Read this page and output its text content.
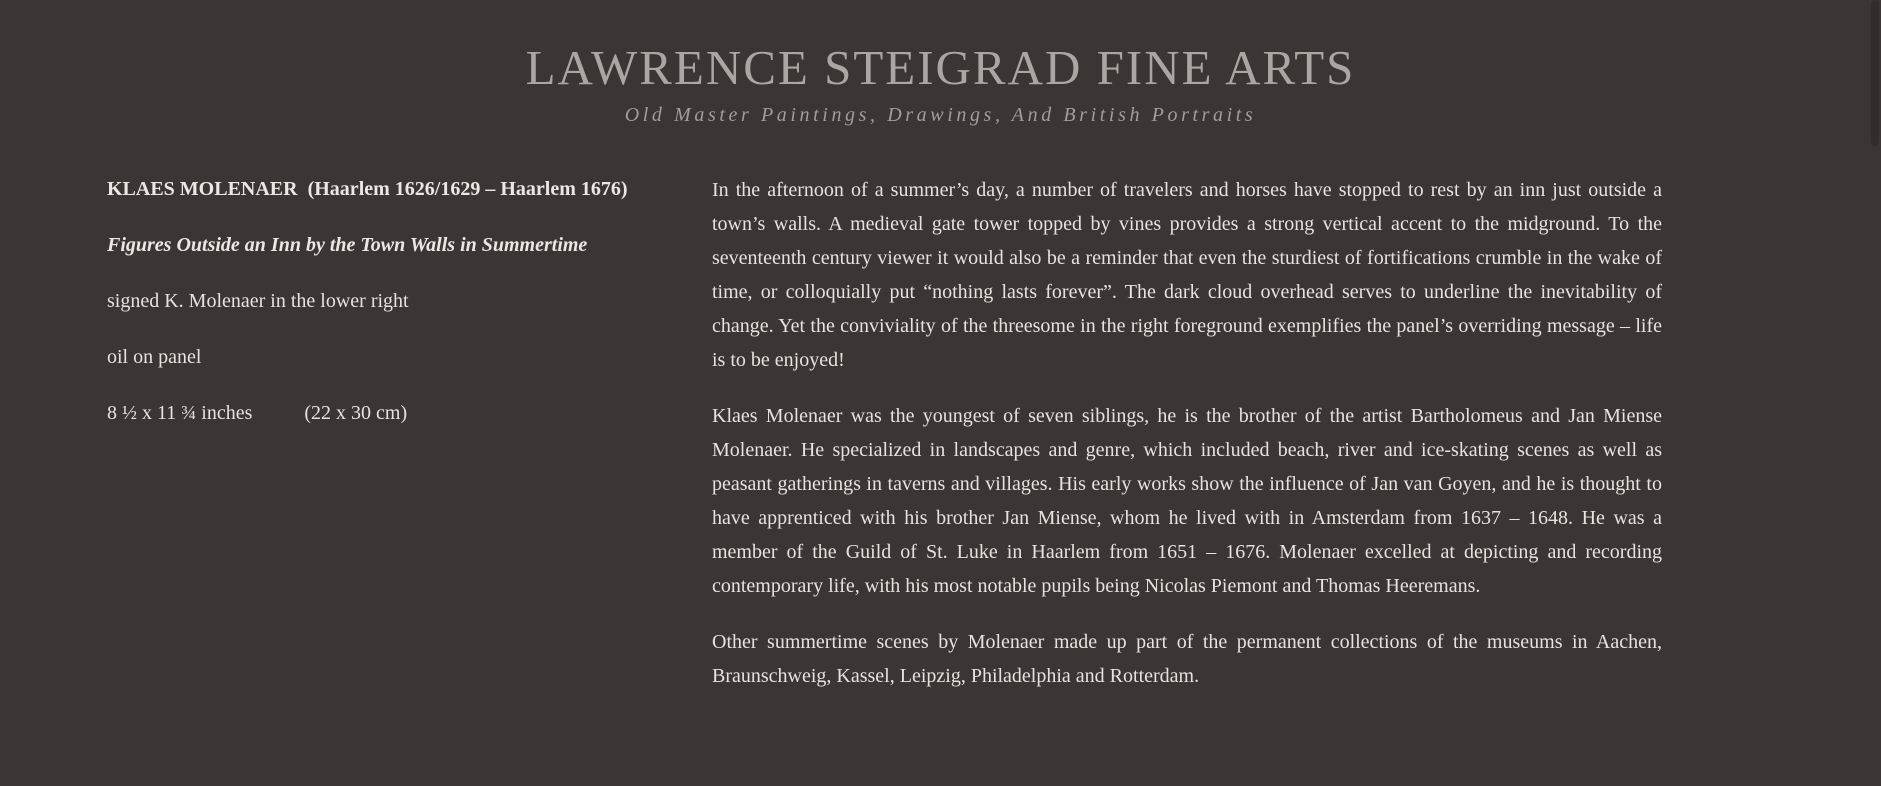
LAWRENCE STEIGRAD FINE ARTS

Old Master Paintings, Drawings, And British Portraits

KLAES MOLENAER (Haarlem 1626/1629 – Haarlem 1676)

Figures Outside an Inn by the Town Walls in Summertime

signed K. Molenaer in the lower right

oil on panel

8 ½ x 11 ¾ inches	(22 x 30 cm)

In the afternoon of a summer’s day, a number of travelers and horses have stopped to rest by an inn just outside a town’s walls. A medieval gate tower topped by vines provides a strong vertical accent to the midground. To the seventeenth century viewer it would also be a reminder that even the sturdiest of fortifications crumble in the wake of time, or colloquially put “nothing lasts forever”. The dark cloud overhead serves to underline the inevitability of change. Yet the conviviality of the threesome in the right foreground exemplifies the panel’s overriding message – life is to be enjoyed!

Klaes Molenaer was the youngest of seven siblings, he is the brother of the artist Bartholomeus and Jan Miense Molenaer. He specialized in landscapes and genre, which included beach, river and ice-skating scenes as well as peasant gatherings in taverns and villages. His early works show the influence of Jan van Goyen, and he is thought to have apprenticed with his brother Jan Miense, whom he lived with in Amsterdam from 1637 – 1648. He was a member of the Guild of St. Luke in Haarlem from 1651 – 1676. Molenaer excelled at depicting and recording contemporary life, with his most notable pupils being Nicolas Piemont and Thomas Heeremans.

Other summertime scenes by Molenaer made up part of the permanent collections of the museums in Aachen, Braunschweig, Kassel, Leipzig, Philadelphia and Rotterdam.
